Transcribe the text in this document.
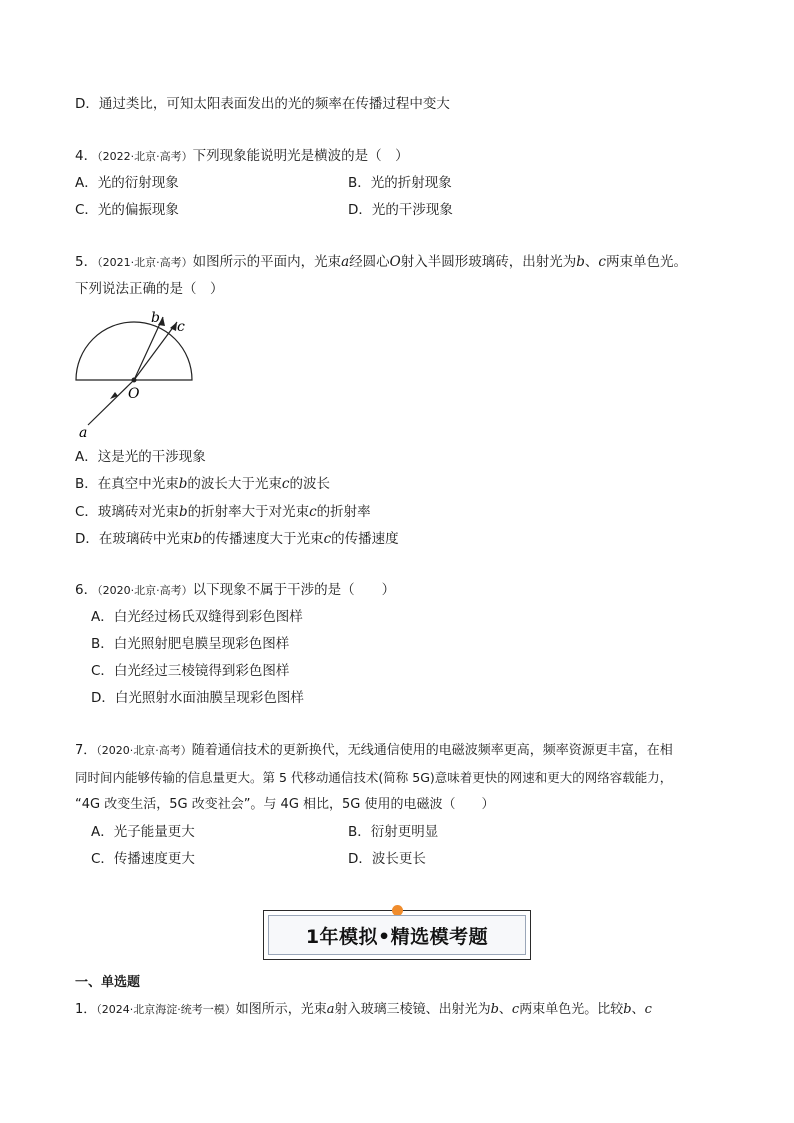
D．通过类比，可知太阳表面发出的光的频率在传播过程中变大
4．（2022·北京·高考）下列现象能说明光是横波的是（　）
A．光的衍射现象	B．光的折射现象
C．光的偏振现象	D．光的干涉现象
5．（2021·北京·高考）如图所示的平面内，光束a经圆心O射入半圆形玻璃砖，出射光为b、c两束单色光。
下列说法正确的是（　）
b
c
O
a
A．这是光的干涉现象
B．在真空中光束b的波长大于光束c的波长
C．玻璃砖对光束b的折射率大于对光束c的折射率
D．在玻璃砖中光束b的传播速度大于光束c的传播速度
6．（2020·北京·高考）以下现象不属于干涉的是（　　）
A．白光经过杨氏双缝得到彩色图样
B．白光照射肥皂膜呈现彩色图样
C．白光经过三棱镜得到彩色图样
D．白光照射水面油膜呈现彩色图样
7．（2020·北京·高考）随着通信技术的更新换代，无线通信使用的电磁波频率更高，频率资源更丰富，在相
同时间内能够传输的信息量更大。第 5 代移动通信技术(简称 5G)意味着更快的网速和更大的网络容载能力，
“4G 改变生活，5G 改变社会”。与 4G 相比，5G 使用的电磁波（　　）
A．光子能量更大	B．衍射更明显
C．传播速度更大	D．波长更长
1年模拟•精选模考题
一、单选题
1．（2024·北京海淀·统考一模）如图所示，光束a射入玻璃三棱镜、出射光为b、c两束单色光。比较b、c
